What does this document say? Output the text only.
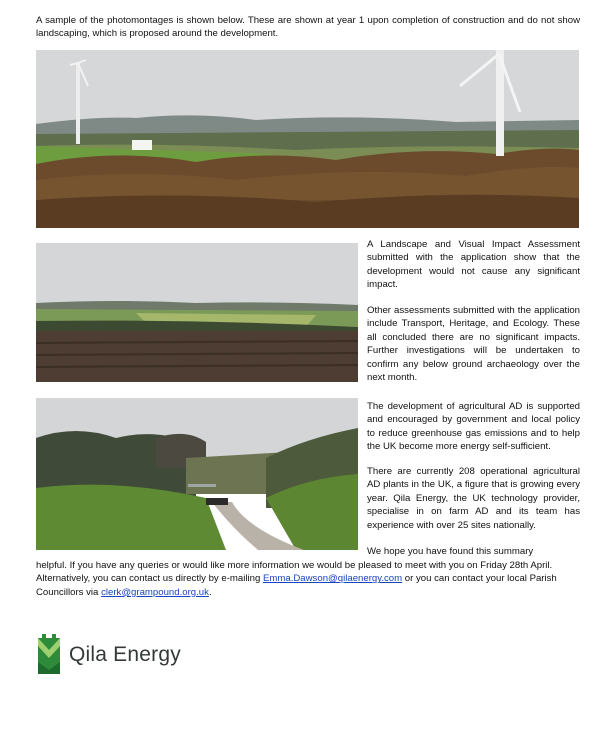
A sample of the photomontages is shown below. These are shown at year 1 upon completion of construction and do not show landscaping, which is proposed around the development.
A Landscape and Visual Impact Assessment submitted with the application show that the development would not cause any significant impact.
Other assessments submitted with the application include Transport, Heritage, and Ecology. These all concluded there are no significant impacts. Further investigations will be undertaken to confirm any below ground archaeology over the next month.
The development of agricultural AD is supported and encouraged by government and local policy to reduce greenhouse gas emissions and to help the UK become more energy self-sufficient.
There are currently 208 operational agricultural AD plants in the UK, a figure that is growing every year. Qila Energy, the UK technology provider, specialise in on farm AD and its team has experience with over 25 sites nationally.
We hope you have found this summary
helpful. If you have any queries or would like more information we would be pleased to meet with you on Friday 28th April. Alternatively, you can contact us directly by e-mailing Emma.Dawson@qilaenergy.com or you can contact your local Parish Councillors via clerk@grampound.org.uk.
Qila Energy
